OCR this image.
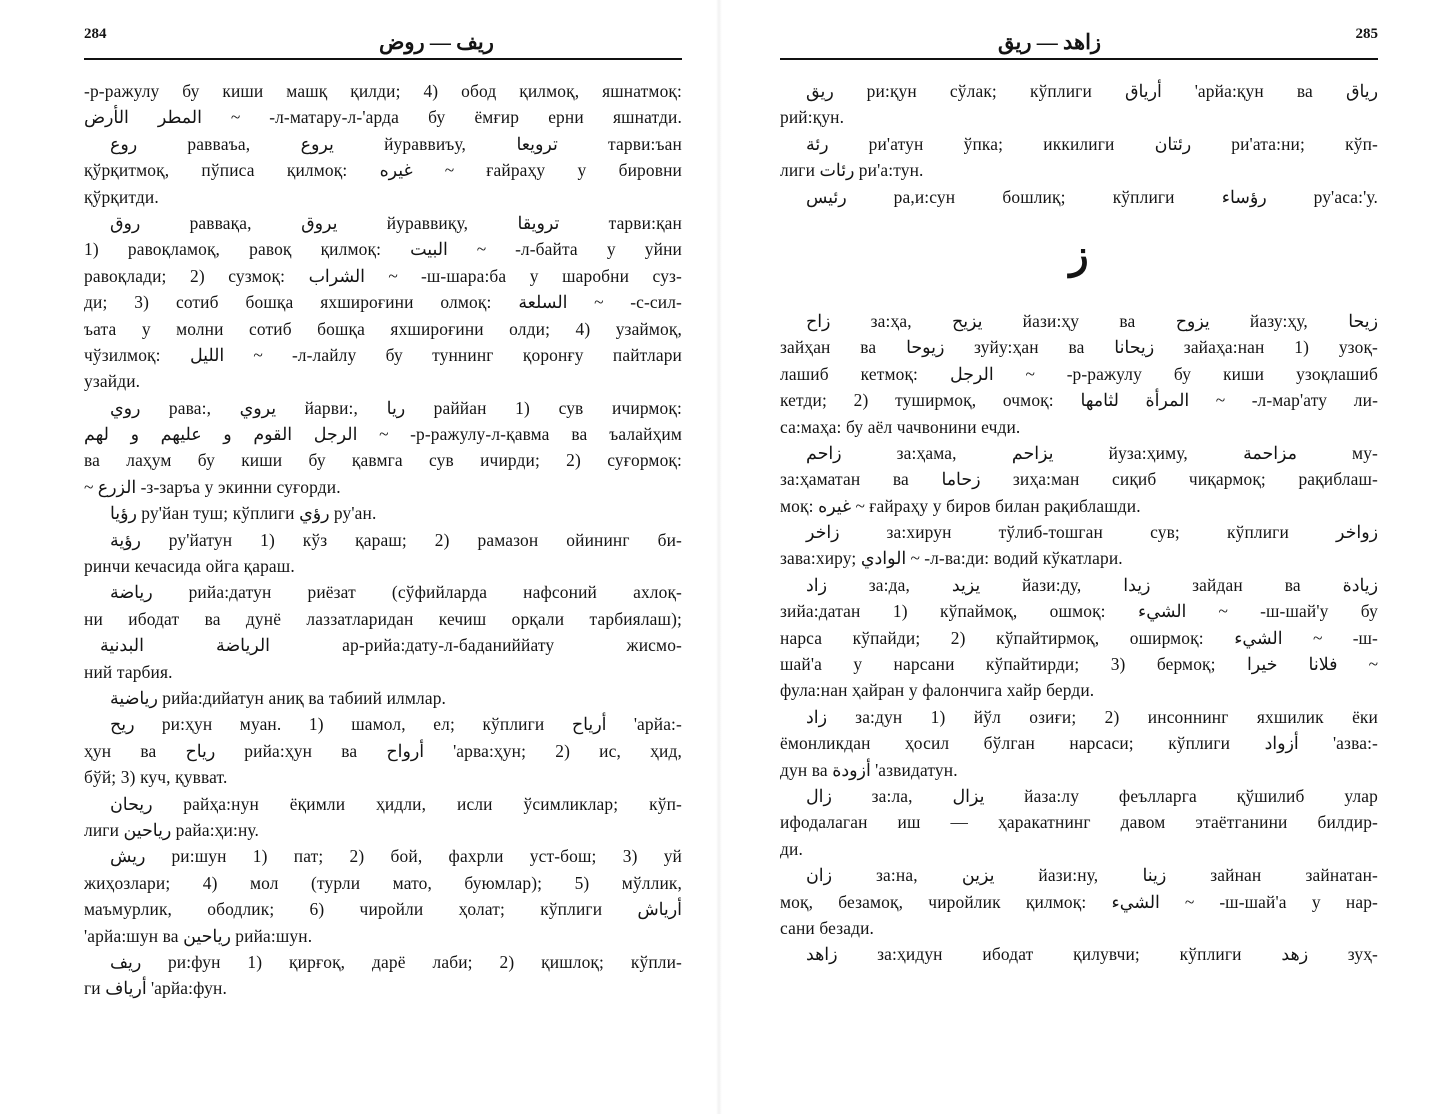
284	ريف — روض
-р-ражулу бу киши машқ қилди; 4) обод қилмоқ, яшнатмоқ:
المطر الأرض ~ -л-матару-л-'арда бу ёмғир ерни яшнатди.
روع раввaъа, يروع йураввиъу, ترويعا тарви:ъан
қўрқитмоқ, пўписа қилмоқ: غيره ~ ғайраҳу у бировни
қўрқитди.
روق раввақа, يروق йураввиқу, ترويقا тарви:қан
1) равоқламоқ, равоқ қилмоқ: البيت ~ -л-байта у уйни
равоқлади; 2) сузмоқ: الشراب ~ -ш-шара:ба у шаробни суз-
ди; 3) сотиб бошқа яхшироғини олмоқ: السلعة ~ -с-сил-
ъата у молни сотиб бошқа яхшироғини олди; 4) узаймоқ,
чўзилмоқ: الليل ~ -л-лайлу бу туннинг қоронғу пайтлари
узайди.
روي рава:, يروي йарви:, ريا раййан 1) сув ичирмоқ:
الرجل القوم و عليهم و لهم ~ -р-ражулу-л-қавма ва ъалайҳим
ва лаҳум бу киши бу қавмга сув ичирди; 2) суғормоқ:
~ الزرع -з-заръа у экинни суғорди.
رؤيا ру'йан туш; кўплиги رؤي ру'ан.
رؤية ру'йатун 1) кўз қараш; 2) рамазон ойининг би-
ринчи кечасида ойга қараш.
رياضة рийа:датун риёзат (сўфийларда нафсоний ахлоқ-
ни ибодат ва дунё лаззатларидан кечиш орқали тарбиялаш);
الرياضة البدنية ар-рийа:дату-л-баданиййату жисмо-
ний тарбия.
رياضية рийа:дийатун аниқ ва табиий илмлар.
ريح ри:ҳун муан. 1) шамол, ел; кўплиги أرياح 'арйа:-
ҳун ва رياح рийа:ҳун ва أرواح 'арва:ҳун; 2) ис, ҳид,
бўй; 3) куч, қувват.
ريحان райҳа:нун ёқимли ҳидли, исли ўсимликлар; кўп-
лиги رياحين райа:ҳи:ну.
ريش ри:шун 1) пат; 2) бой, фахрли уст-бош; 3) уй
жиҳозлари; 4) мол (турли мато, буюмлар); 5) мўллик,
маъмурлик, ободлик; 6) чиройли ҳолат; кўплиги أرياش
'арйа:шун ва رياحين рийа:шун.
ريف ри:фун 1) қирғоқ, дарё лаби; 2) қишлоқ; кўпли-
ги أرياف 'арйа:фун.
زاهد — ريق	285
ريق ри:қун сўлак; кўплиги أرياق 'арйа:қун ва رياق
рий:қун.
رئة ри'атун ўпка; иккилиги رئتان ри'ата:ни; кўп-
лиги رئات ри'а:тун.
رئيس ра,и:сун бошлиқ; кўплиги رؤساء ру'аса:'у.
ز
زاح за:ҳа, يزيح йази:ҳу ва يزوح йазу:ҳу, زيحا
зайҳан ва زيوحا зуйу:ҳан ва زيحانا зайаҳа:нан 1) узоқ-
лашиб кетмоқ: الرجل ~ -р-ражулу бу киши узоқлашиб
кетди; 2) туширмоқ, очмоқ: المرأة لثامها ~ -л-мар'ату ли-
са:маҳа: бу аёл чачвонини ечди.
زاحم за:ҳама, يزاحم йуза:ҳиму, مزاحمة му-
за:ҳаматан ва زحاما зиҳа:ман сиқиб чиқармоқ; рақиблаш-
моқ: غيره ~ ғайраҳу у биров билан рақиблашди.
زاخر за:хирун тўлиб-тошган сув; кўплиги زواخر
зава:хиру; الوادي ~ -л-ва:ди: водий кўкатлари.
زاد за:да, يزيد йази:ду, زيدا зайдан ва زيادة
зийа:датан 1) кўпаймоқ, ошмоқ: الشيء ~ -ш-шай'у бу
нарса кўпайди; 2) кўпайтирмоқ, оширмоқ: الشيء ~ -ш-
шай'а у нарсани кўпайтирди; 3) бермоқ; فلانا خيرا ~
фула:нан ҳайран у фалончига хайр берди.
زاد за:дун 1) йўл озиғи; 2) инсоннинг яхшилик ёки
ёмонликдан ҳосил бўлган нарсаси; кўплиги أزواد 'азва:-
дун ва أزودة 'азвидатун.
زال за:ла, يزال йаза:лу феълларга қўшилиб улар
ифодалаган иш — ҳаракатнинг давом этаётганини билдир-
ди.
زان за:на, يزين йази:ну, زينا зайнан зайнатан-
моқ, безамоқ, чиройлик қилмоқ: الشيء ~ -ш-шай'а у нар-
сани безади.
زاهد за:ҳидун ибодат қилувчи; кўплиги زهد зуҳ-
